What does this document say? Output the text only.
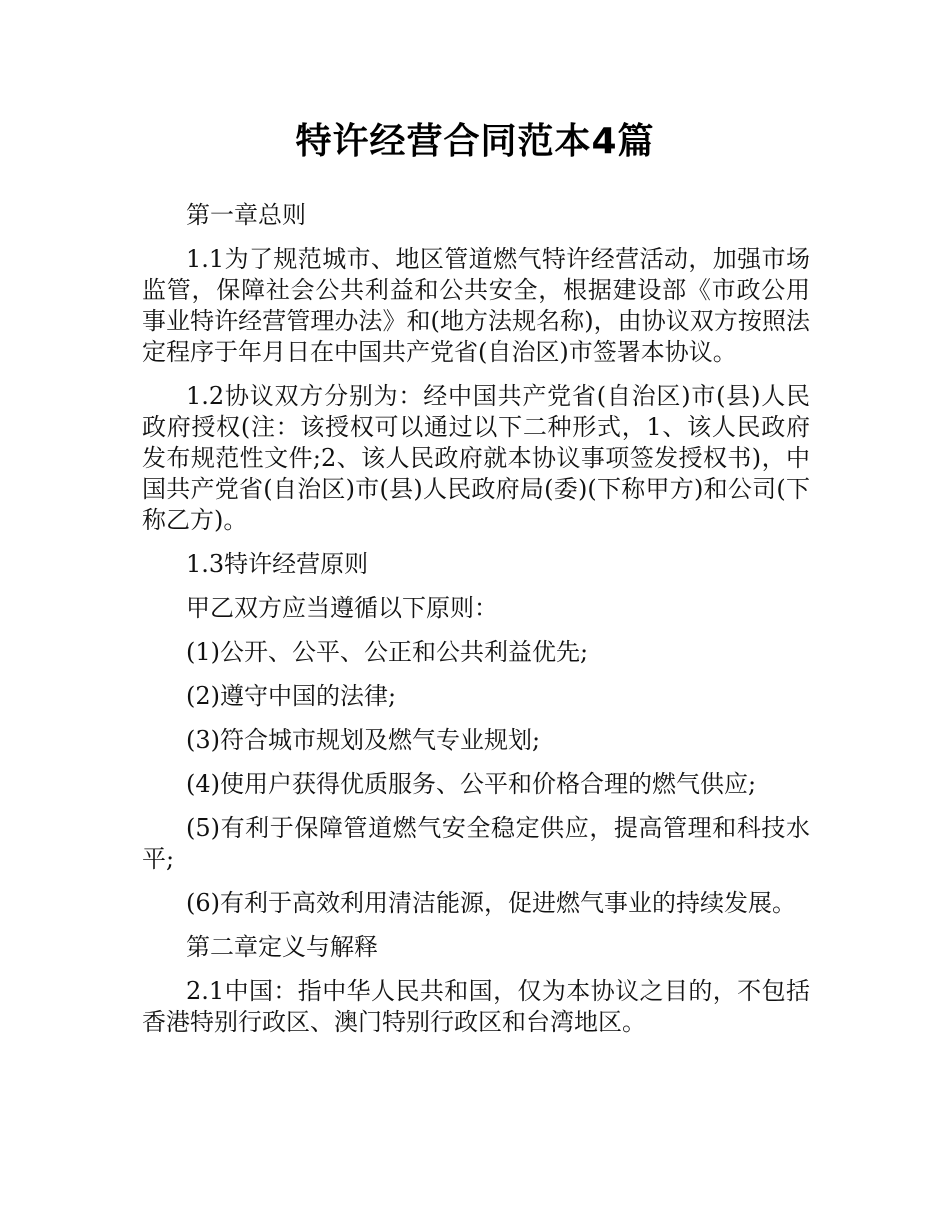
特许经营合同范本4篇

第一章总则

1.1为了规范城市、地区管道燃气特许经营活动，加强市场监管，保障社会公共利益和公共安全，根据建设部《市政公用事业特许经营管理办法》和(地方法规名称)，由协议双方按照法定程序于年月日在中国共产党省(自治区)市签署本协议。

1.2协议双方分别为：经中国共产党省(自治区)市(县)人民政府授权(注：该授权可以通过以下二种形式，1、该人民政府发布规范性文件;2、该人民政府就本协议事项签发授权书)，中国共产党省(自治区)市(县)人民政府局(委)(下称甲方)和公司(下称乙方)。

1.3特许经营原则

甲乙双方应当遵循以下原则：

(1)公开、公平、公正和公共利益优先;

(2)遵守中国的法律;

(3)符合城市规划及燃气专业规划;

(4)使用户获得优质服务、公平和价格合理的燃气供应;

(5)有利于保障管道燃气安全稳定供应，提高管理和科技水平;

(6)有利于高效利用清洁能源，促进燃气事业的持续发展。

第二章定义与解释

2.1中国：指中华人民共和国，仅为本协议之目的，不包括香港特别行政区、澳门特别行政区和台湾地区。
